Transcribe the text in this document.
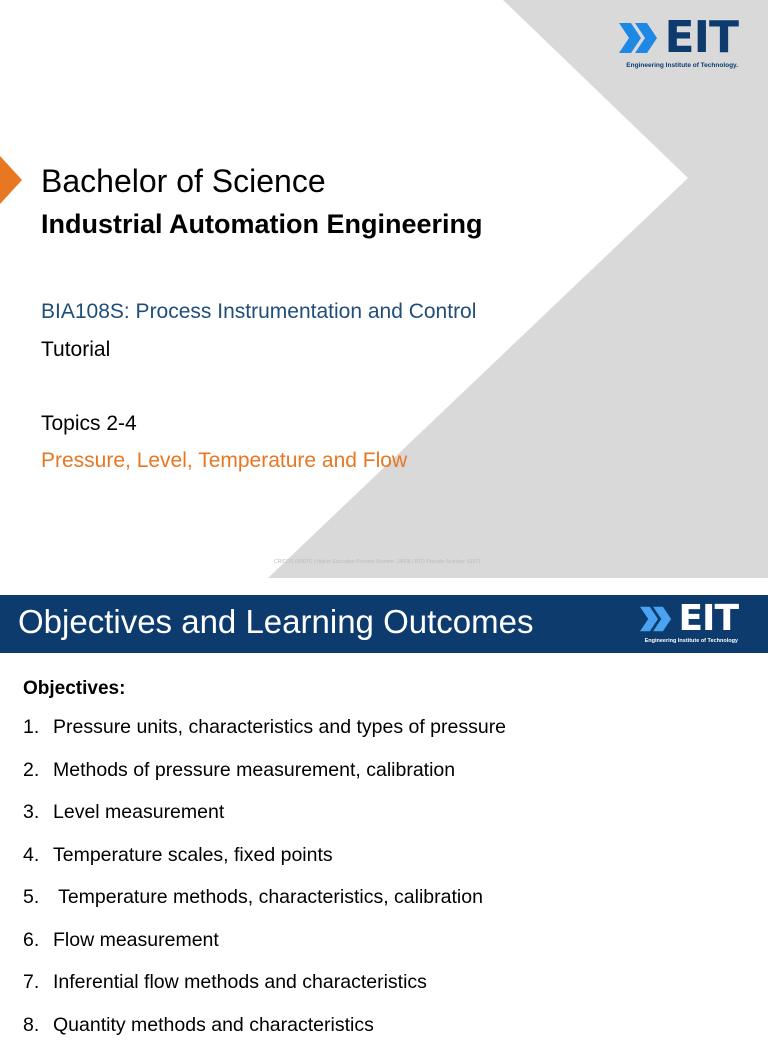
EIT
Engineering Institute of Technology.
Bachelor of Science
Industrial Automation Engineering
BIA108S: Process Instrumentation and Control
Tutorial
Topics 2-4
Pressure, Level, Temperature and Flow
CRICOS 03567C | Higher Education Provider Number: 14008 | RTO Provider Number: 51971
Objectives and Learning Outcomes	EIT
Engineering Institute of Technology
Objectives:
1. Pressure units, characteristics and types of pressure
2. Methods of pressure measurement, calibration
3. Level measurement
4. Temperature scales, fixed points
5. Temperature methods, characteristics, calibration
6. Flow measurement
7. Inferential flow methods and characteristics
8. Quantity methods and characteristics
